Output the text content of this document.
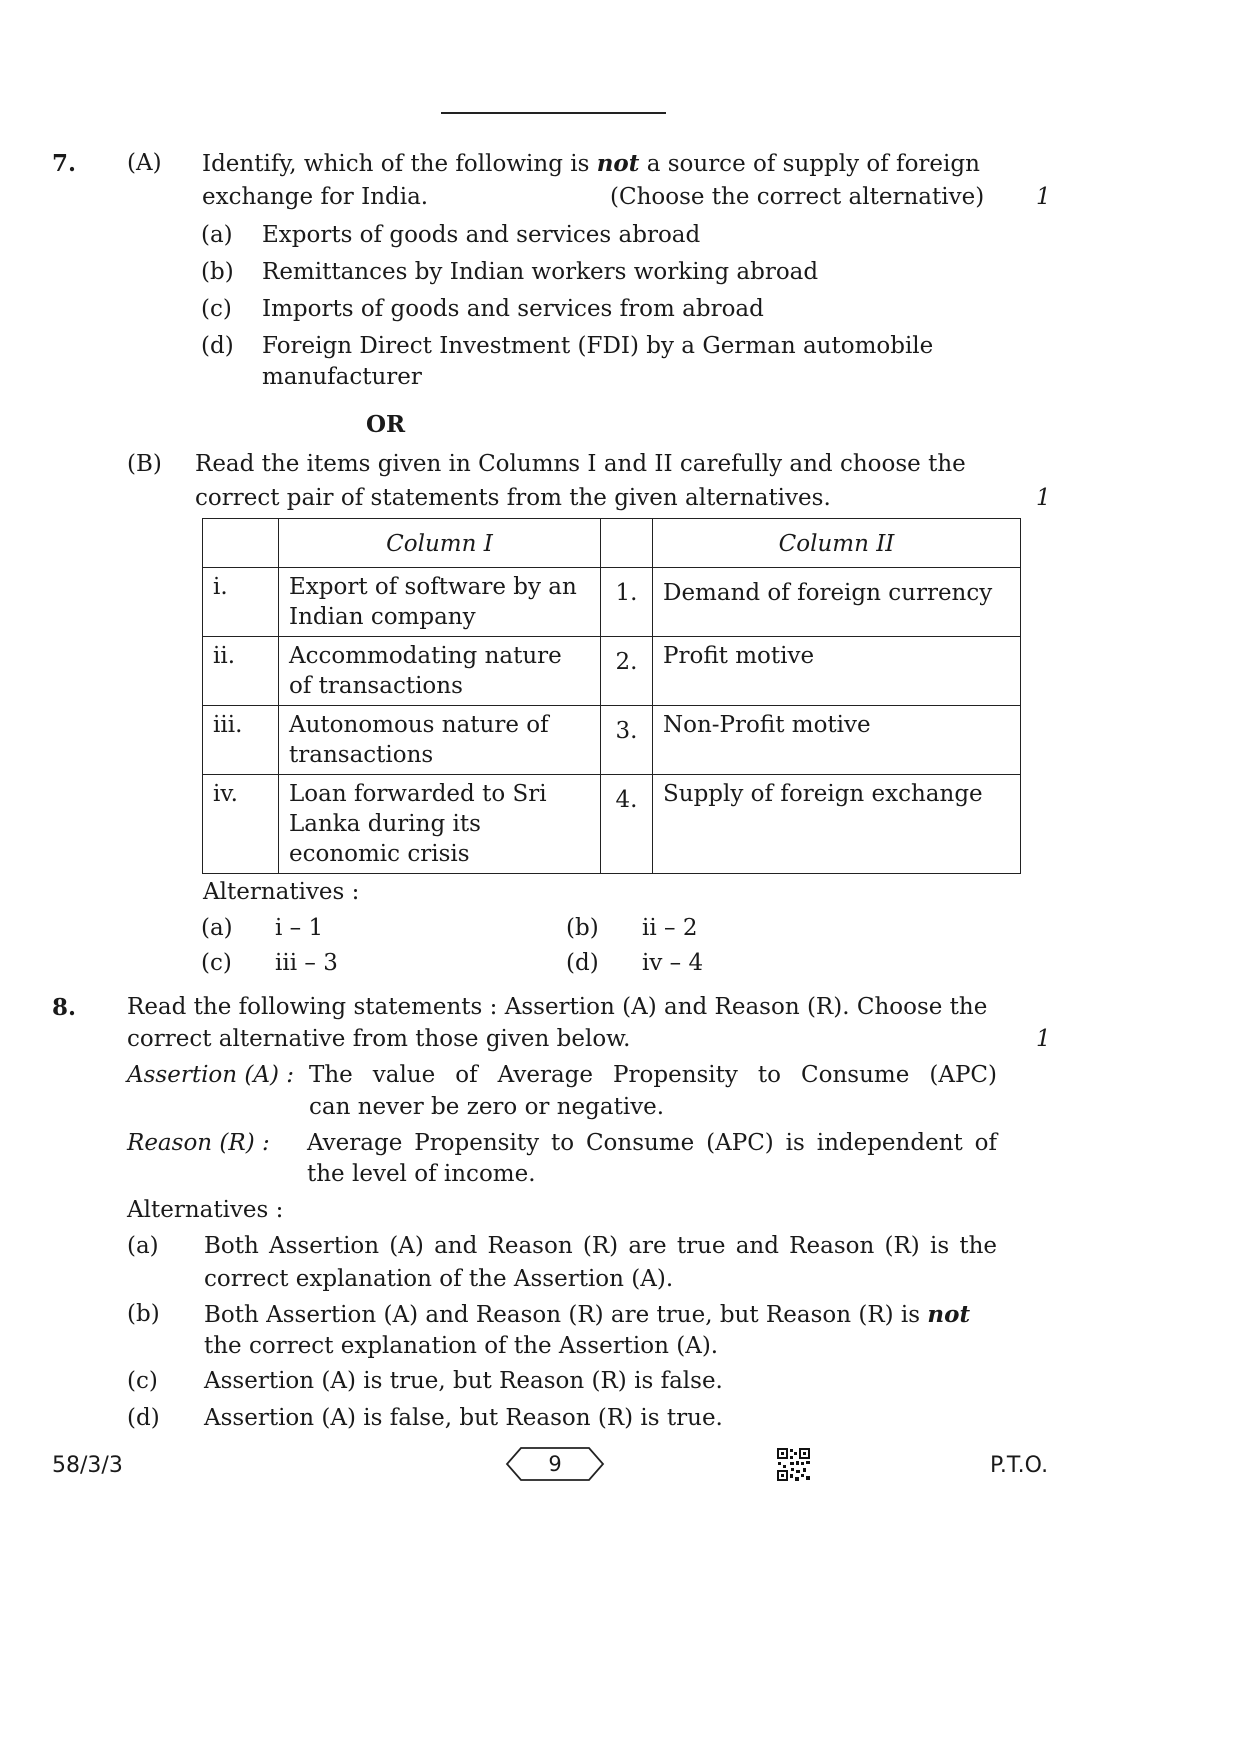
7. (A) Identify, which of the following is not a source of supply of foreign
exchange for India.	(Choose the correct alternative) 1
(a) Exports of goods and services abroad
(b) Remittances by Indian workers working abroad
(c) Imports of goods and services from abroad
(d) Foreign Direct Investment (FDI) by a German automobile
manufacturer
OR
(B) Read the items given in Columns I and II carefully and choose the
correct pair of statements from the given alternatives.	1
	Column I		Column II
i.	Export of software by an Indian company	1.	Demand of foreign currency
ii.	Accommodating nature of transactions	2.	Profit motive
iii.	Autonomous nature of transactions	3.	Non-Profit motive
iv.	Loan forwarded to Sri Lanka during its economic crisis	4.	Supply of foreign exchange
Alternatives :
(a) i – 1	(b) ii – 2
(c) iii – 3	(d) iv – 4
8. Read the following statements : Assertion (A) and Reason (R). Choose the
correct alternative from those given below.	1
Assertion (A) : The value of Average Propensity to Consume (APC)
can never be zero or negative.
Reason (R) : Average Propensity to Consume (APC) is independent of
the level of income.
Alternatives :
(a) Both Assertion (A) and Reason (R) are true and Reason (R) is the
correct explanation of the Assertion (A).
(b) Both Assertion (A) and Reason (R) are true, but Reason (R) is not
the correct explanation of the Assertion (A).
(c) Assertion (A) is true, but Reason (R) is false.
(d) Assertion (A) is false, but Reason (R) is true.
58/3/3	9	P.T.O.
